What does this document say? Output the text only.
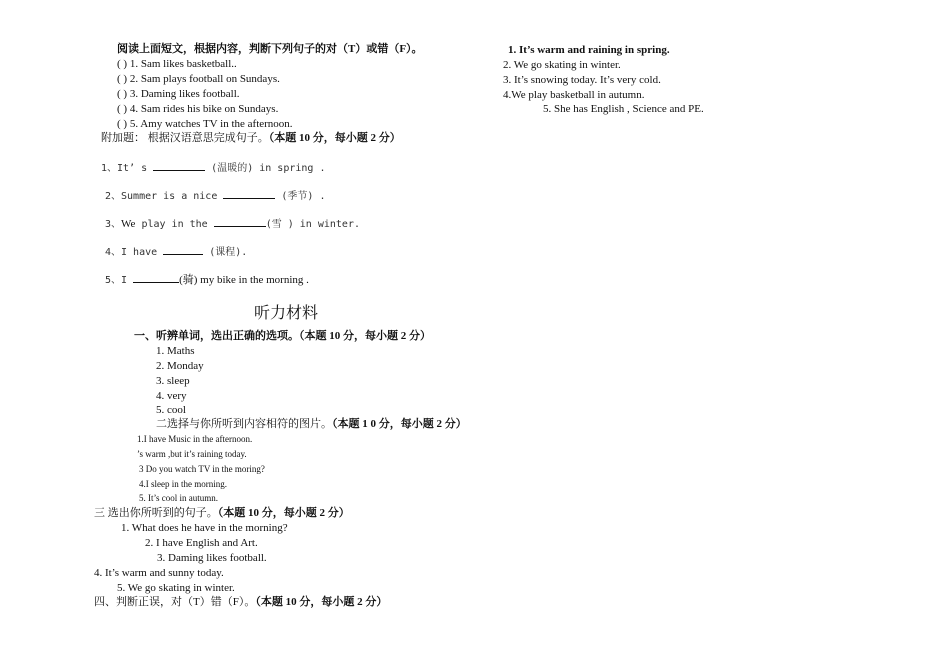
阅读上面短文，根据内容，判断下列句子的对（T）或错（F）。
( ) 1. Sam likes basketball..
( ) 2. Sam plays football on Sundays.
( ) 3. Daming likes football.
( ) 4. Sam rides his bike on Sundays.
( ) 5. Amy watches TV in the afternoon.
附加题： 根据汉语意思完成句子。（本题 10 分，每小题 2 分）
1、It’ s	(温暖的) in spring .
2、Summer is a nice	(季节) .
3、We play in the	(雪 ) in winter.
4、I have	(课程).
5、I	(骑) my bike in the morning .
听力材料
一、听辨单词，选出正确的选项。（本题 10 分，每小题 2 分）
1. Maths
2. Monday
3. sleep
4. very
5. cool
二选择与你所听到内容相符的图片。（本题 1 0 分，每小题 2 分）
1.I have Music in the afternoon.
’s warm ,but it’s raining today.
3 Do you watch TV in the moring?
4.I sleep in the morning.
5. It’s cool in autumn.
三 选出你所听到的句子。（本题 10 分，每小题 2 分）
1. What does he have in the morning?
2. I have English and Art.
3. Daming likes football.
4. It’s warm and sunny today.
5. We go skating in winter.
四、判断正误，对（T）错（F）。（本题 10 分，每小题 2 分）
1. It’s warm and raining in spring.
2. We go skating in winter.
3. It’s snowing today. It’s very cold.
4.We play basketball in autumn.
5. She has English , Science and PE.
